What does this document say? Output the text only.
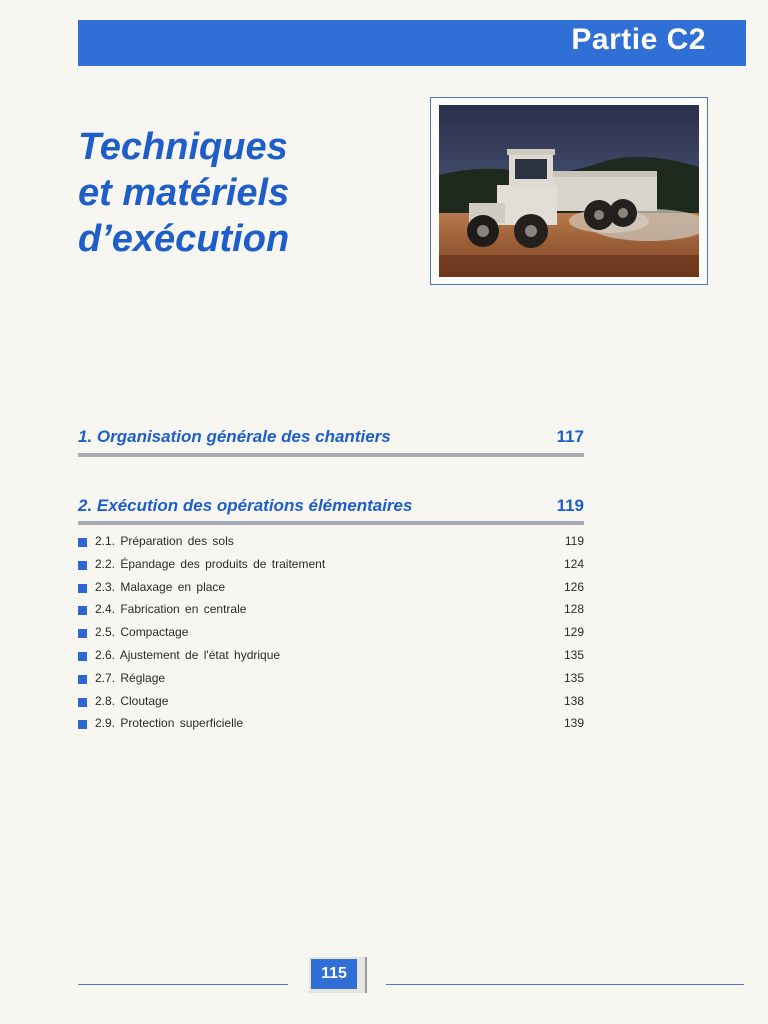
Partie C2
Techniques
et matériels
d’exécution
1. Organisation générale des chantiers	117
2. Exécution des opérations élémentaires	119
2.1. Préparation des sols	119
2.2. Épandage des produits de traitement	124
2.3. Malaxage en place	126
2.4. Fabrication en centrale	128
2.5. Compactage	129
2.6. Ajustement de l'état hydrique	135
2.7. Réglage	135
2.8. Cloutage	138
2.9. Protection superficielle	139
115
